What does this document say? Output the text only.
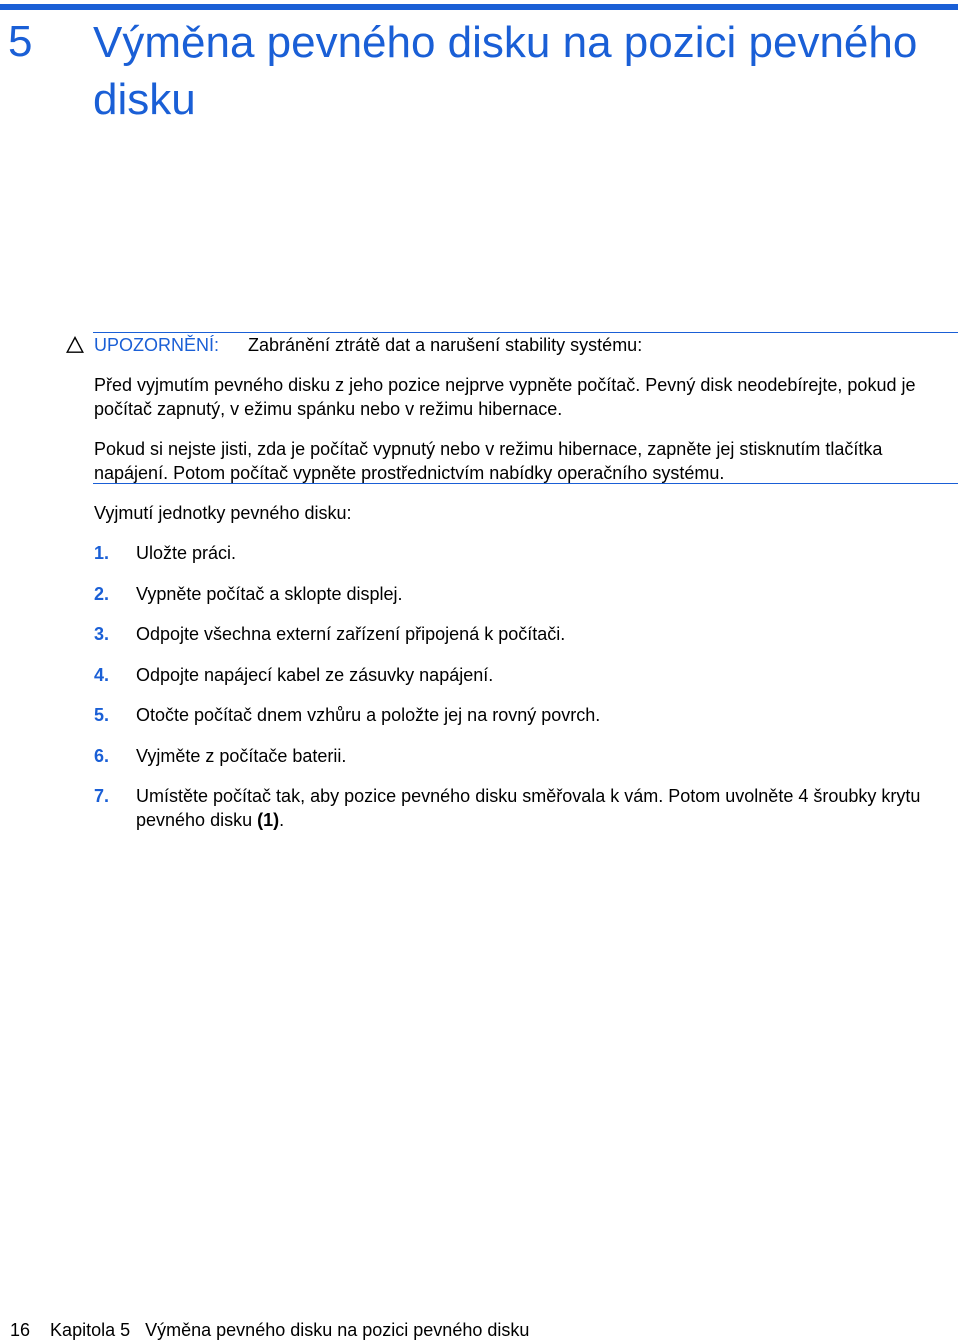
5 Výměna pevného disku na pozici pevného disku
UPOZORNĚNÍ: Zabránění ztrátě dat a narušení stability systému:

Před vyjmutím pevného disku z jeho pozice nejprve vypněte počítač. Pevný disk neodebírejte, pokud je počítač zapnutý, v ežimu spánku nebo v režimu hibernace.

Pokud si nejste jisti, zda je počítač vypnutý nebo v režimu hibernace, zapněte jej stisknutím tlačítka napájení. Potom počítač vypněte prostřednictvím nabídky operačního systému.

Vyjmutí jednotky pevného disku:
1. Uložte práci.
2. Vypněte počítač a sklopte displej.
3. Odpojte všechna externí zařízení připojená k počítači.
4. Odpojte napájecí kabel ze zásuvky napájení.
5. Otočte počítač dnem vzhůru a položte jej na rovný povrch.
6. Vyjměte z počítače baterii.
7. Umístěte počítač tak, aby pozice pevného disku směřovala k vám. Potom uvolněte 4 šroubky krytu pevného disku (1).
16 Kapitola 5 Výměna pevného disku na pozici pevného disku
